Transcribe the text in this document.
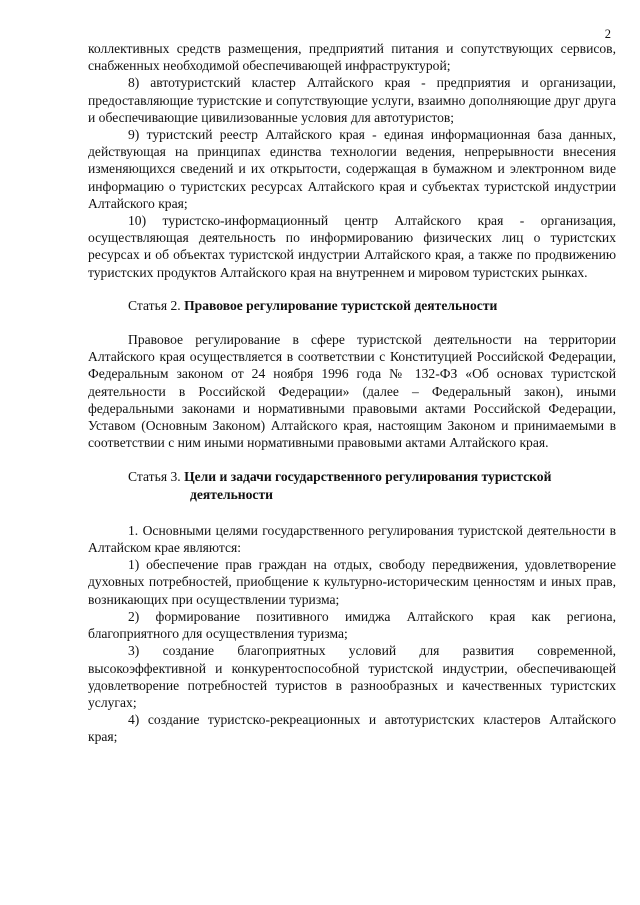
2

коллективных средств размещения, предприятий питания и сопутствующих сервисов, снабженных необходимой обеспечивающей инфраструктурой;

8) автотуристский кластер Алтайского края - предприятия и организации, предоставляющие туристские и сопутствующие услуги, взаимно дополняющие друг друга и обеспечивающие цивилизованные условия для автотуристов;

9) туристский реестр Алтайского края - единая информационная база данных, действующая на принципах единства технологии ведения, непрерывности внесения изменяющихся сведений и их открытости, содержащая в бумажном и электронном виде информацию о туристских ресурсах Алтайского края и субъектах туристской индустрии Алтайского края;

10) туристско-информационный центр Алтайского края - организация, осуществляющая деятельность по информированию физических лиц о туристских ресурсах и об объектах туристской индустрии Алтайского края, а также по продвижению туристских продуктов Алтайского края на внутреннем и мировом туристских рынках.

Статья 2. Правовое регулирование туристской деятельности

Правовое регулирование в сфере туристской деятельности на территории Алтайского края осуществляется в соответствии с Конституцией Российской Федерации, Федеральным законом от 24 ноября 1996 года № 132-ФЗ «Об основах туристской деятельности в Российской Федерации» (далее – Федеральный закон), иными федеральными законами и нормативными правовыми актами Российской Федерации, Уставом (Основным Законом) Алтайского края, настоящим Законом и принимаемыми в соответствии с ним иными нормативными правовыми актами Алтайского края.

Статья 3. Цели и задачи государственного регулирования туристской
деятельности

1. Основными целями государственного регулирования туристской деятельности в Алтайском крае являются:

1) обеспечение прав граждан на отдых, свободу передвижения, удовлетворение духовных потребностей, приобщение к культурно-историческим ценностям и иных прав, возникающих при осуществлении туризма;

2) формирование позитивного имиджа Алтайского края как региона, благоприятного для осуществления туризма;

3) создание благоприятных условий для развития современной, высокоэффективной и конкурентоспособной туристской индустрии, обеспечивающей удовлетворение потребностей туристов в разнообразных и качественных туристских услугах;

4) создание туристско-рекреационных и автотуристских кластеров Алтайского края;
